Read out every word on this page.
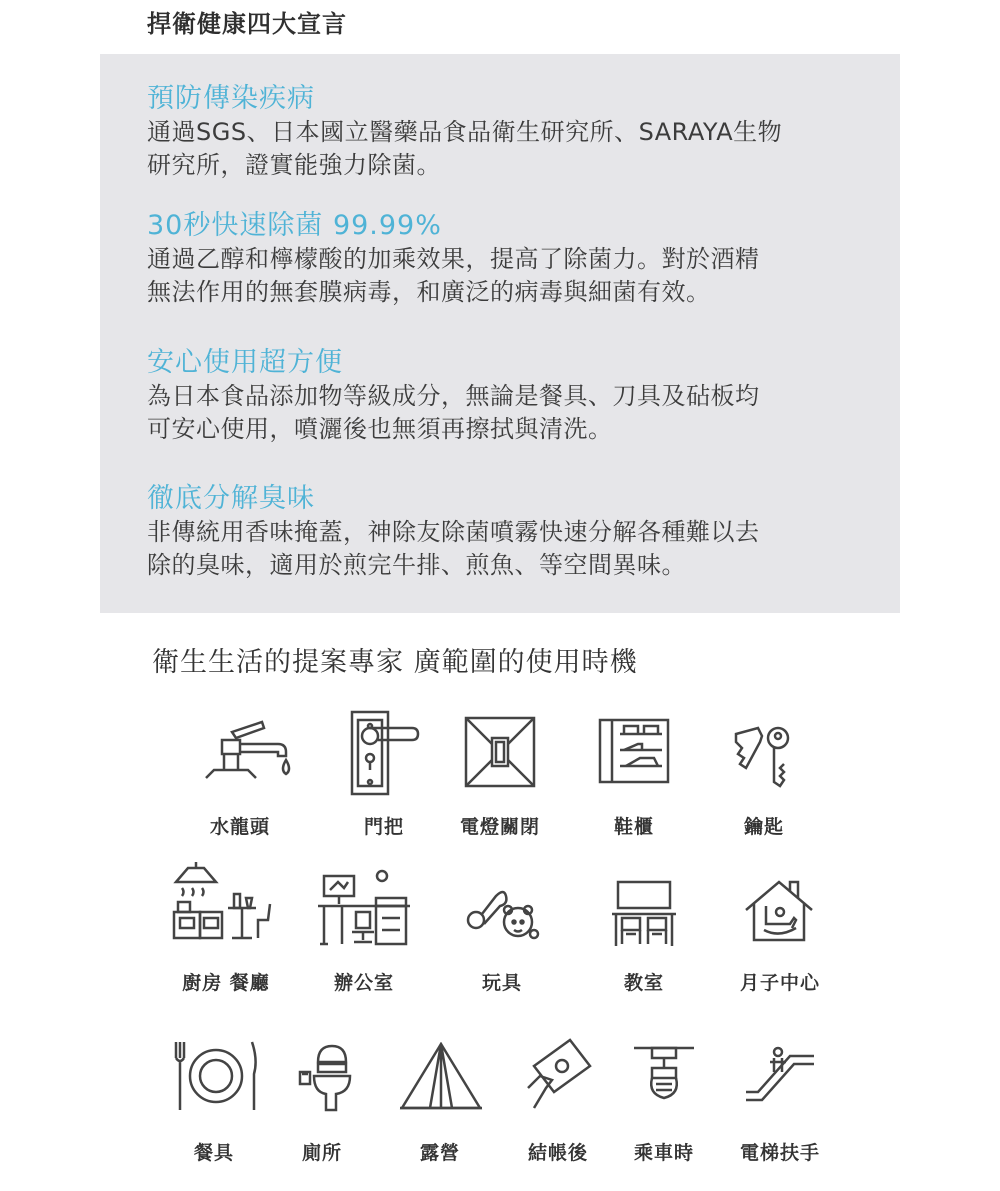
捍衛健康四大宣言
預防傳染疾病
通過SGS、日本國立醫藥品食品衛生研究所、SARAYA生物
研究所，證實能強力除菌。
30秒快速除菌 99.99%
通過乙醇和檸檬酸的加乘效果，提高了除菌力。對於酒精
無法作用的無套膜病毒，和廣泛的病毒與細菌有效。
安心使用超方便
為日本食品添加物等級成分，無論是餐具、刀具及砧板均
可安心使用，噴灑後也無須再擦拭與清洗。
徹底分解臭味
非傳統用香味掩蓋，神除友除菌噴霧快速分解各種難以去
除的臭味，適用於煎完牛排、煎魚、等空間異味。
衛生生活的提案專家 廣範圍的使用時機
水龍頭	門把	電燈關閉	鞋櫃	鑰匙
廚房 餐廳	辦公室	玩具	教室	月子中心
餐具	廁所	露營	結帳後	乘車時	電梯扶手
